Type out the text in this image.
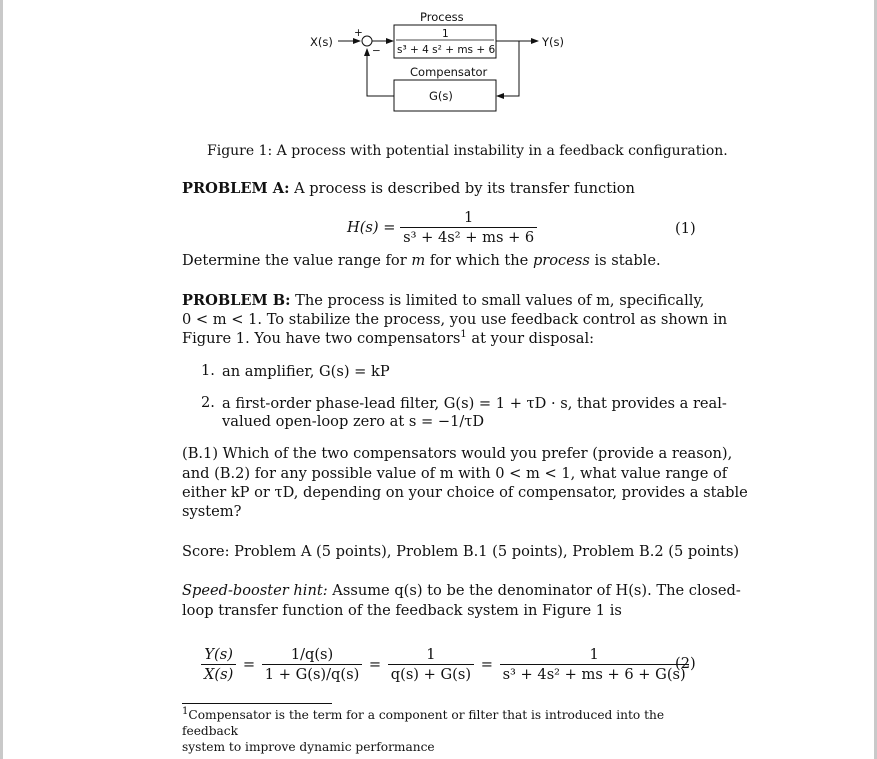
X(s)
+
−
Process
1
s³ + 4 s² + ms + 6
Y(s)
Compensator
G(s)
Figure 1: A process with potential instability in a feedback configuration.
PROBLEM A: A process is described by its transfer function
$H(s) = \frac{1}{\text{s³ + 4s² + ms + 6}}$	(1)
Determine the value range for m for which the process is stable.
PROBLEM B: The process is limited to small values of m, specifically,
0 < m < 1. To stabilize the process, you use feedback control as shown in
Figure 1. You have two compensators$^1$ at your disposal:
1. an amplifier, G(s) = kP
2. a first-order phase-lead filter, G(s) = 1 + τD · s, that provides a real-
valued open-loop zero at s = −1/τD
(B.1) Which of the two compensators would you prefer (provide a reason),
and (B.2) for any possible value of m with 0 < m < 1, what value range of
either kP or τD, depending on your choice of compensator, provides a stable
system?
Score: Problem A (5 points), Problem B.1 (5 points), Problem B.2 (5 points)
Speed-booster hint: Assume q(s) to be the denominator of H(s). The closed-
loop transfer function of the feedback system in Figure 1 is
$\frac{Y(s)}{X(s)} = \frac{1/q(s)}{1 + G(s)/q(s)} = \frac{1}{q(s) + G(s)} = \frac{1}{\text{s³ + 4s² + ms + 6 + G(s)}}$
(2)
$^1$Compensator is the term for a component or filter that is introduced into the feedback
system to improve dynamic performance
